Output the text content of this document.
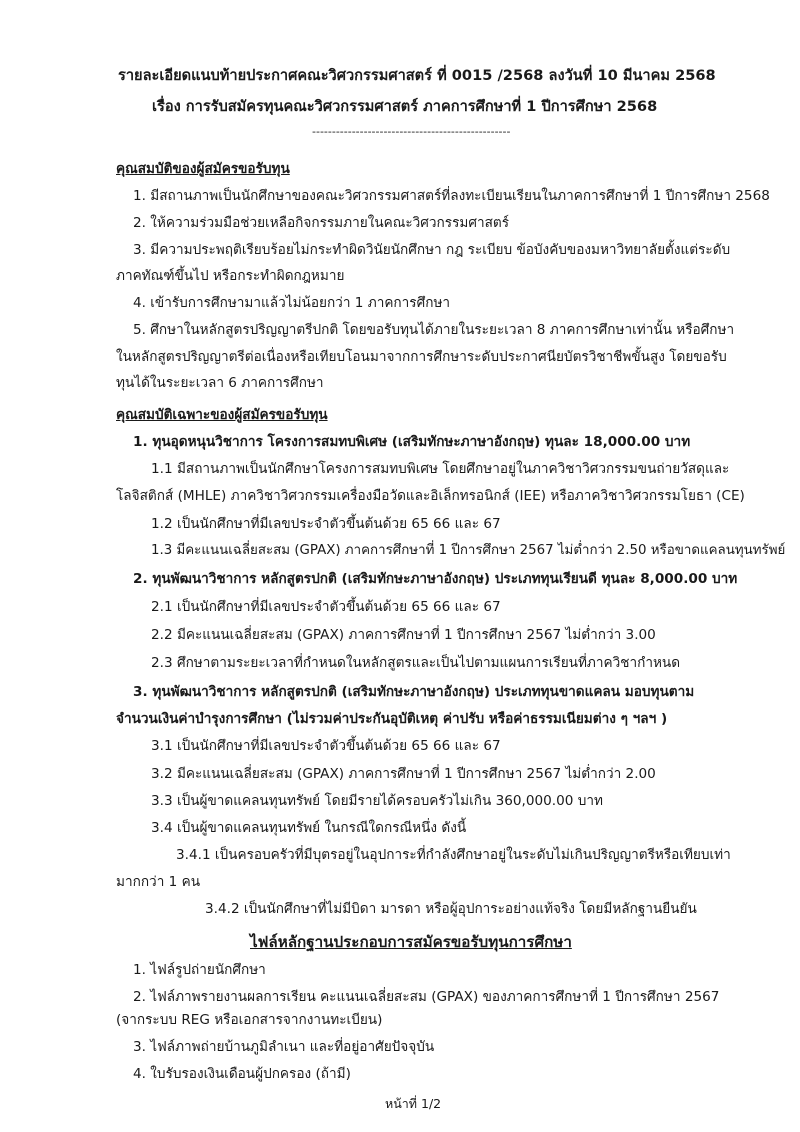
รายละเอียดแนบท้ายประกาศคณะวิศวกรรมศาสตร์ ที่ 0015 /2568 ลงวันที่ 10 มีนาคม 2568
เรื่อง การรับสมัครทุนคณะวิศวกรรมศาสตร์ ภาคการศึกษาที่ 1 ปีการศึกษา 2568
--------------------------------------------------
คุณสมบัติของผู้สมัครขอรับทุน
1. มีสถานภาพเป็นนักศึกษาของคณะวิศวกรรมศาสตร์ที่ลงทะเบียนเรียนในภาคการศึกษาที่ 1 ปีการศึกษา 2568
2. ให้ความร่วมมือช่วยเหลือกิจกรรมภายในคณะวิศวกรรมศาสตร์
3. มีความประพฤติเรียบร้อยไม่กระทำผิดวินัยนักศึกษา กฎ ระเบียบ ข้อบังคับของมหาวิทยาลัยตั้งแต่ระดับ
ภาคทัณฑ์ขึ้นไป หรือกระทำผิดกฎหมาย
4. เข้ารับการศึกษามาแล้วไม่น้อยกว่า 1 ภาคการศึกษา
5. ศึกษาในหลักสูตรปริญญาตรีปกติ โดยขอรับทุนได้ภายในระยะเวลา 8 ภาคการศึกษาเท่านั้น หรือศึกษา
ในหลักสูตรปริญญาตรีต่อเนื่องหรือเทียบโอนมาจากการศึกษาระดับประกาศนียบัตรวิชาชีพขั้นสูง โดยขอรับ
ทุนได้ในระยะเวลา 6 ภาคการศึกษา
คุณสมบัติเฉพาะของผู้สมัครขอรับทุน
1. ทุนอุดหนุนวิชาการ โครงการสมทบพิเศษ (เสริมทักษะภาษาอังกฤษ) ทุนละ 18,000.00 บาท
1.1 มีสถานภาพเป็นนักศึกษาโครงการสมทบพิเศษ โดยศึกษาอยู่ในภาควิชาวิศวกรรมขนถ่ายวัสดุและ
โลจิสติกส์ (MHLE) ภาควิชาวิศวกรรมเครื่องมือวัดและอิเล็กทรอนิกส์ (IEE) หรือภาควิชาวิศวกรรมโยธา (CE)
1.2 เป็นนักศึกษาที่มีเลขประจำตัวขึ้นต้นด้วย 65 66 และ 67
1.3 มีคะแนนเฉลี่ยสะสม (GPAX) ภาคการศึกษาที่ 1 ปีการศึกษา 2567 ไม่ต่ำกว่า 2.50 หรือขาดแคลนทุนทรัพย์
2. ทุนพัฒนาวิชาการ หลักสูตรปกติ (เสริมทักษะภาษาอังกฤษ) ประเภททุนเรียนดี ทุนละ 8,000.00 บาท
2.1 เป็นนักศึกษาที่มีเลขประจำตัวขึ้นต้นด้วย 65 66 และ 67
2.2 มีคะแนนเฉลี่ยสะสม (GPAX) ภาคการศึกษาที่ 1 ปีการศึกษา 2567 ไม่ต่ำกว่า 3.00
2.3 ศึกษาตามระยะเวลาที่กำหนดในหลักสูตรและเป็นไปตามแผนการเรียนที่ภาควิชากำหนด
3. ทุนพัฒนาวิชาการ หลักสูตรปกติ (เสริมทักษะภาษาอังกฤษ) ประเภททุนขาดแคลน มอบทุนตาม
จำนวนเงินค่าบำรุงการศึกษา (ไม่รวมค่าประกันอุบัติเหตุ ค่าปรับ หรือค่าธรรมเนียมต่าง ๆ ฯลฯ )
3.1 เป็นนักศึกษาที่มีเลขประจำตัวขึ้นต้นด้วย 65 66 และ 67
3.2 มีคะแนนเฉลี่ยสะสม (GPAX) ภาคการศึกษาที่ 1 ปีการศึกษา 2567 ไม่ต่ำกว่า 2.00
3.3 เป็นผู้ขาดแคลนทุนทรัพย์ โดยมีรายได้ครอบครัวไม่เกิน 360,000.00 บาท
3.4 เป็นผู้ขาดแคลนทุนทรัพย์ ในกรณีใดกรณีหนึ่ง ดังนี้
3.4.1 เป็นครอบครัวที่มีบุตรอยู่ในอุปการะที่กำลังศึกษาอยู่ในระดับไม่เกินปริญญาตรีหรือเทียบเท่า
มากกว่า 1 คน
3.4.2 เป็นนักศึกษาที่ไม่มีบิดา มารดา หรือผู้อุปการะอย่างแท้จริง โดยมีหลักฐานยืนยัน
ไฟล์หลักฐานประกอบการสมัครขอรับทุนการศึกษา
1. ไฟล์รูปถ่ายนักศึกษา
2. ไฟล์ภาพรายงานผลการเรียน คะแนนเฉลี่ยสะสม (GPAX) ของภาคการศึกษาที่ 1 ปีการศึกษา 2567
(จากระบบ REG หรือเอกสารจากงานทะเบียน)
3. ไฟล์ภาพถ่ายบ้านภูมิลำเนา และที่อยู่อาศัยปัจจุบัน
4. ใบรับรองเงินเดือนผู้ปกครอง (ถ้ามี)
หน้าที่ 1/2
